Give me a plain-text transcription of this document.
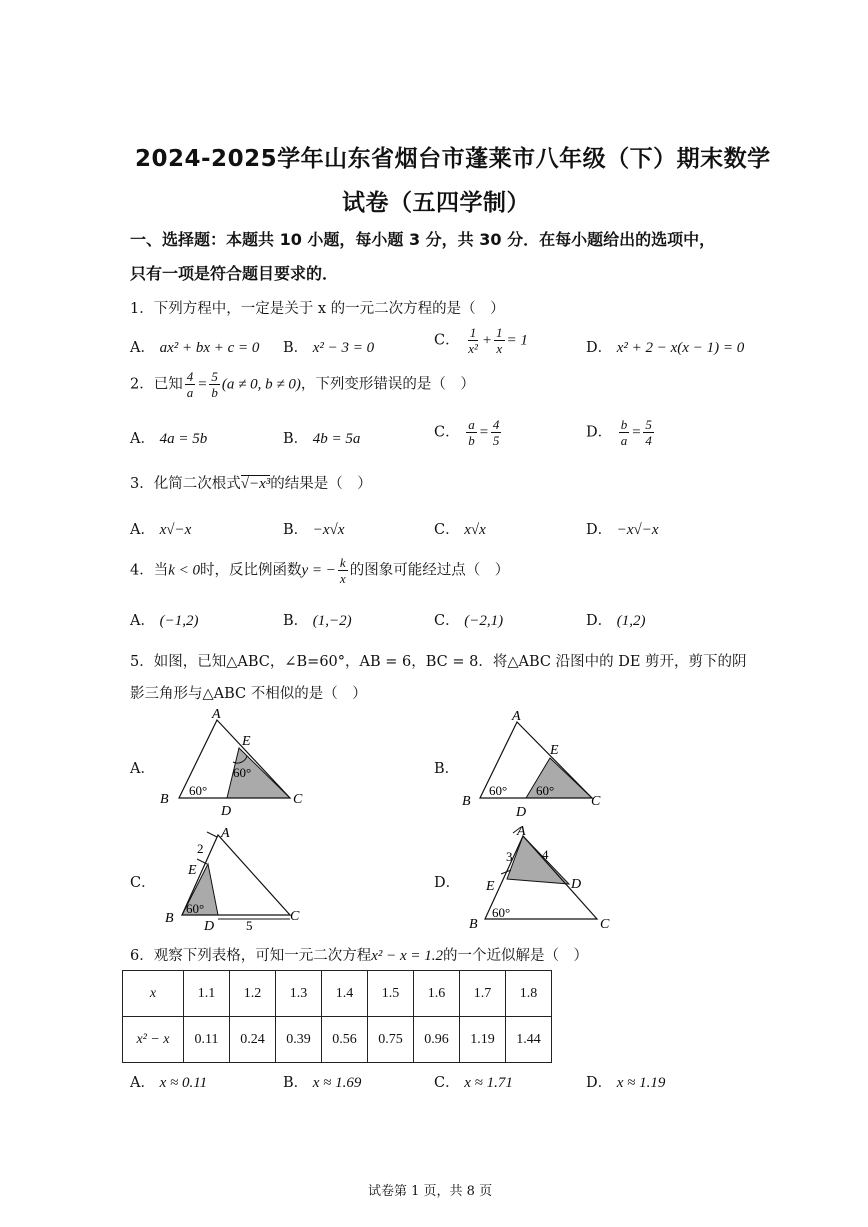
2024-2025学年山东省烟台市蓬莱市八年级（下）期末数学
试卷（五四学制）
一、选择题：本题共 10 小题，每小题 3 分，共 30 分．在每小题给出的选项中，
只有一项是符合题目要求的．
1．下列方程中，一定是关于 x 的一元二次方程的是（　）
A． ax² + bx + c = 0 B． x² − 3 = 0	C． $\frac{1}{\text{x²}} + \frac{1}{x} = 1$	D． x² + 2 − x(x − 1) = 0
2．已知 $\frac{4}{a} = \frac{5}{b} (a \ne 0$, b ≠ 0)，下列变形错误的是（　）
A． 4a = 5b	B． 4b = 5a	C． $\frac{a}{b} = \frac{4}{5}$	D． $\frac{b}{a} = \frac{5}{4}$
3．化简二次根式√−x³的结果是（　）
A． x√−x	B． −x√x	C． x√x	D． −x√−x
4．当k < 0时，反比例函数y = − $\frac{k}{x}$ 的图象可能经过点（　）
A． (−1,2)	B． (1,−2)	C． (−2,1)	D． (1,2)
5．如图，已知△ABC，∠B=60°，AB = 6，BC = 8．将△ABC 沿图中的 DE 剪开，剪下的阴
影三角形与△ABC 不相似的是（　）
A．	B．
C．	D．
A
E
60°
60°
B
D
C
A
E
60° 60°
B
D
C
A
2
E
60°
B
D 5
C
A
3 4
E	D
60°
B	C
6．观察下列表格，可知一元二次方程x² − x = 1.2的一个近似解是（　）
x	1.1	1.2	1.3	1.4	1.5	1.6	1.7	1.8
x² − x	0.11	0.24	0.39	0.56	0.75	0.96	1.19	1.44
A． x ≈ 0.11	B． x ≈ 1.69	C． x ≈ 1.71	D． x ≈ 1.19
试卷第 1 页，共 8 页
